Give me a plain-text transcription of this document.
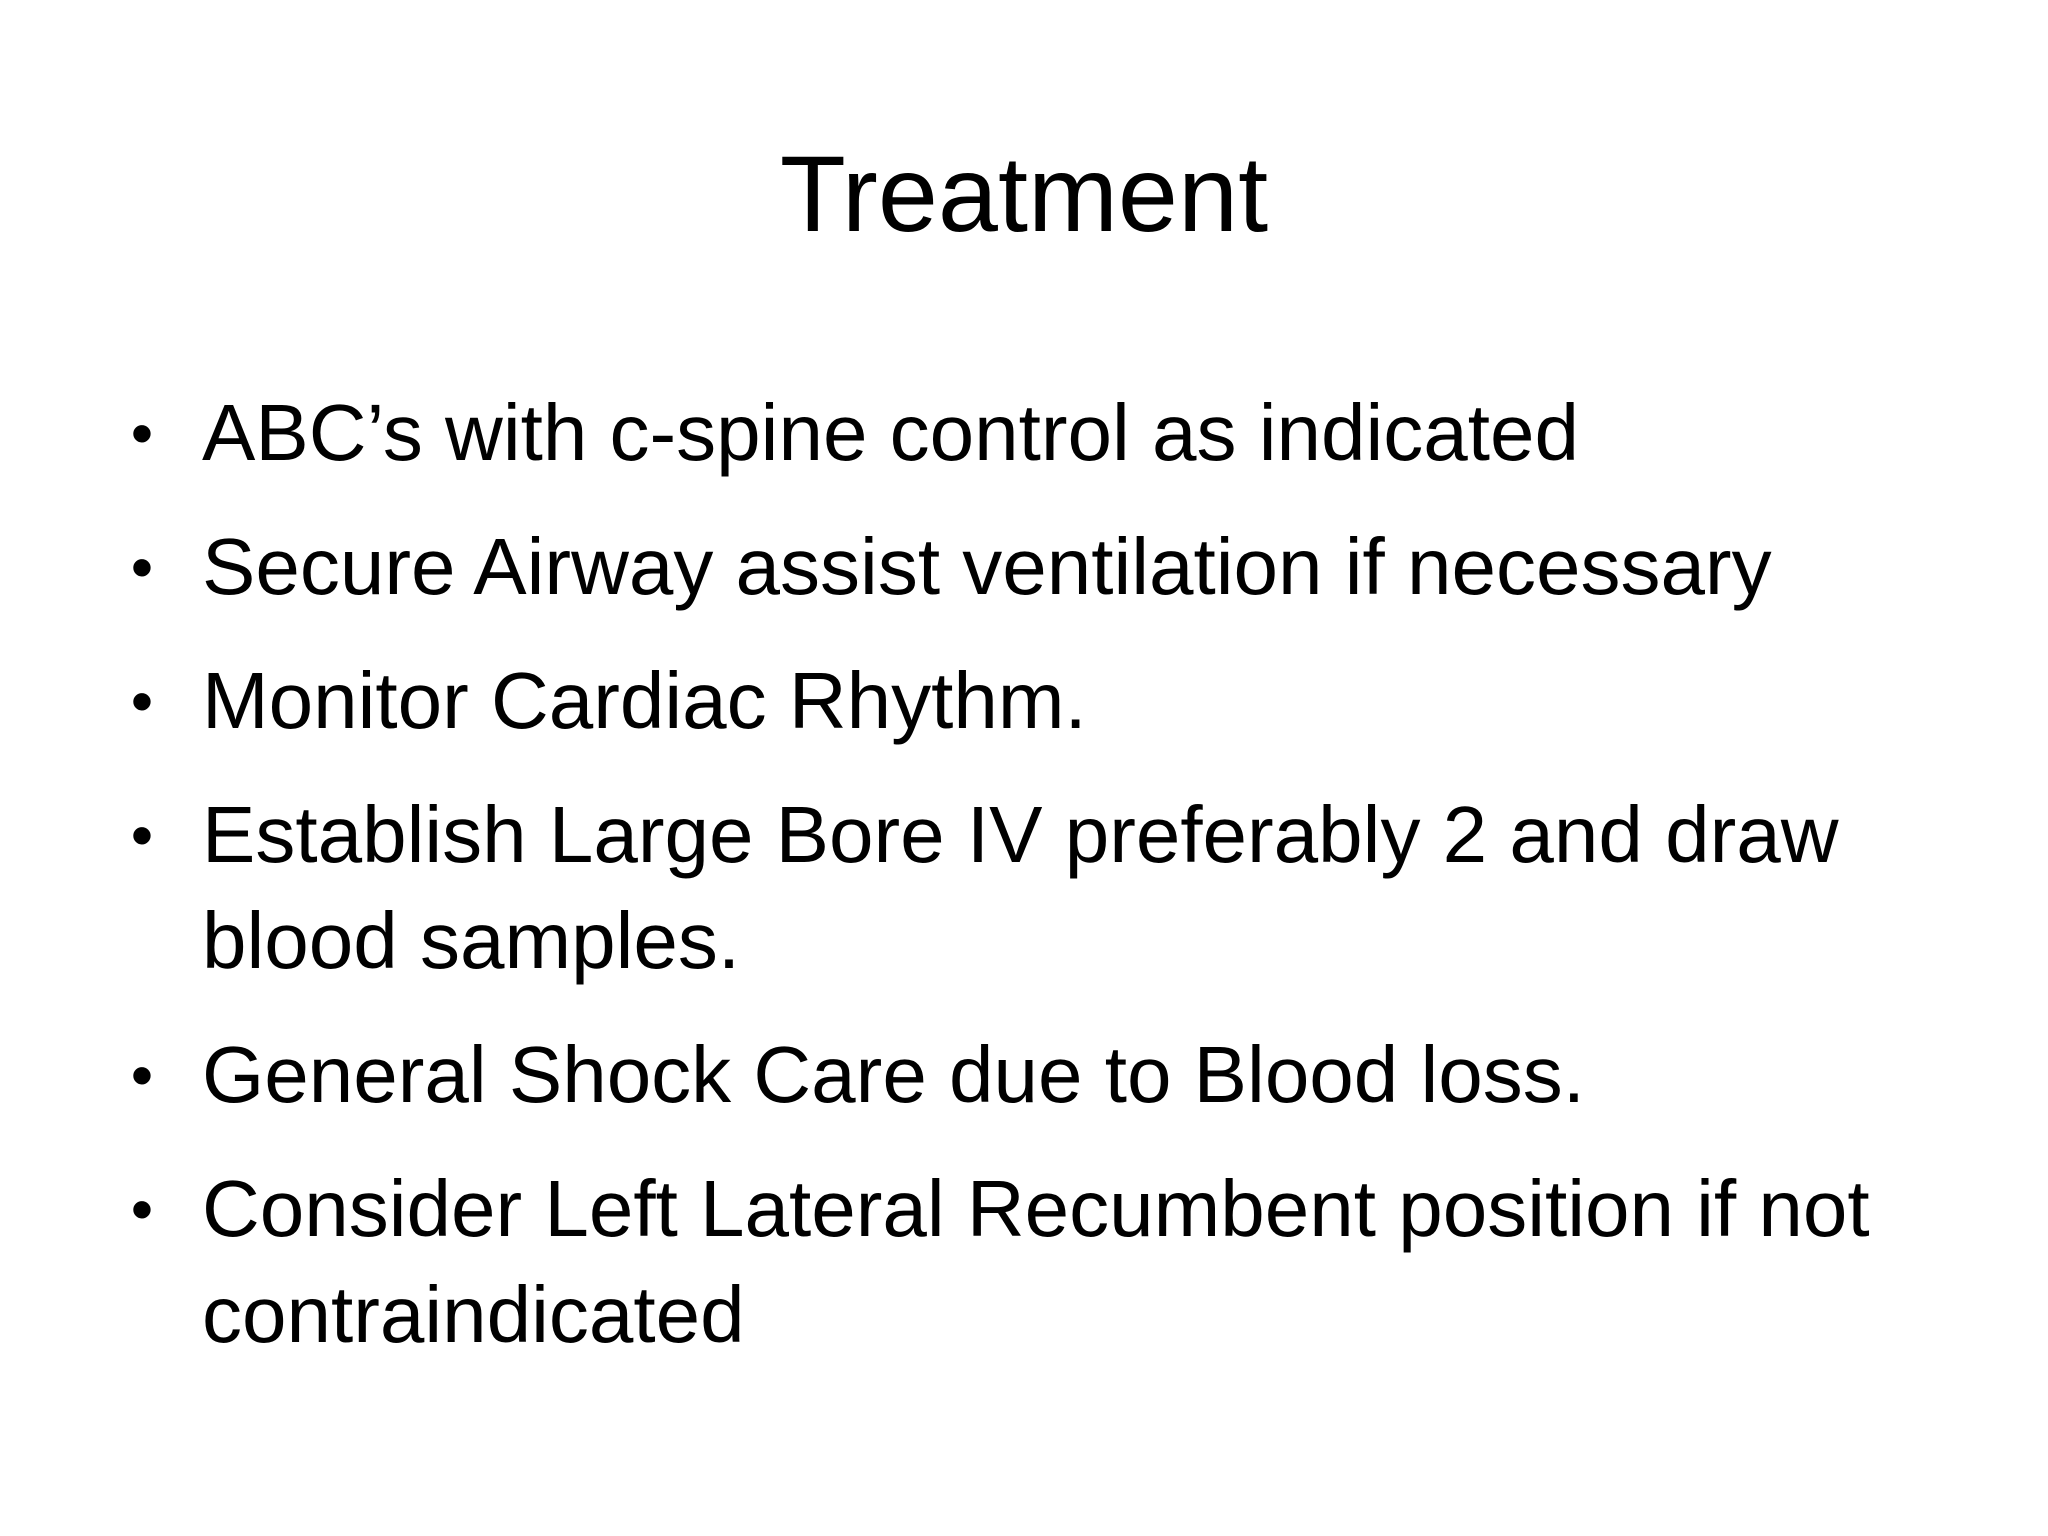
Treatment
• ABC’s with c-spine control as indicated
• Secure Airway assist ventilation if necessary
• Monitor Cardiac Rhythm.
• Establish Large Bore IV preferably 2 and draw blood samples.
• General Shock Care due to Blood loss.
• Consider Left Lateral Recumbent position if not contraindicated
